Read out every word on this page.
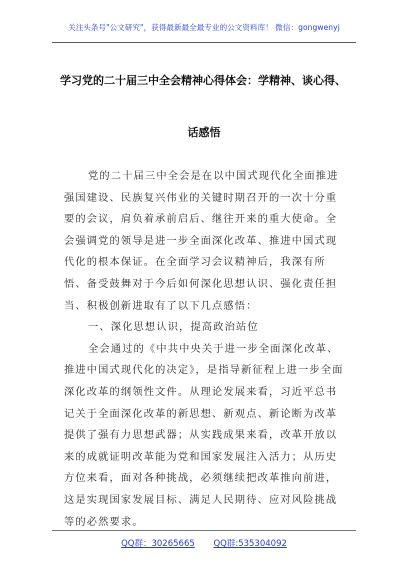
关注头条号"公文研究"，获得最新最全最专业的公文资料库！ 微信：gongwenyj
学习党的二十届三中全会精神心得体会：学精神、谈心得、
话感悟

党的二十届三中全会是在以中国式现代化全面推进强国建设、民族复兴伟业的关键时期召开的一次十分重要的会议，肩负着承前启后、继往开来的重大使命。全会强调党的领导是进一步全面深化改革、推进中国式现代化的根本保证。在全面学习会议精神后，我深有所悟、备受鼓舞对于今后如何深化思想认识、强化责任担当、积极创新进取有了以下几点感悟：

一、深化思想认识，提高政治站位

全会通过的《中共中央关于进一步全面深化改革、推进中国式现代化的决定》，是指导新征程上进一步全面深化改革的纲领性文件。从理论发展来看，习近平总书记关于全面深化改革的新思想、新观点、新论断为改革提供了强有力思想武器；从实践成果来看，改革开放以来的成就证明改革能为党和国家发展注入活力；从历史方位来看，面对各种挑战，必须继续把改革推向前进，这是实现国家发展目标、满足人民期待、应对风险挑战等的必然要求。

QQ群：30265665 QQ群:535304092
